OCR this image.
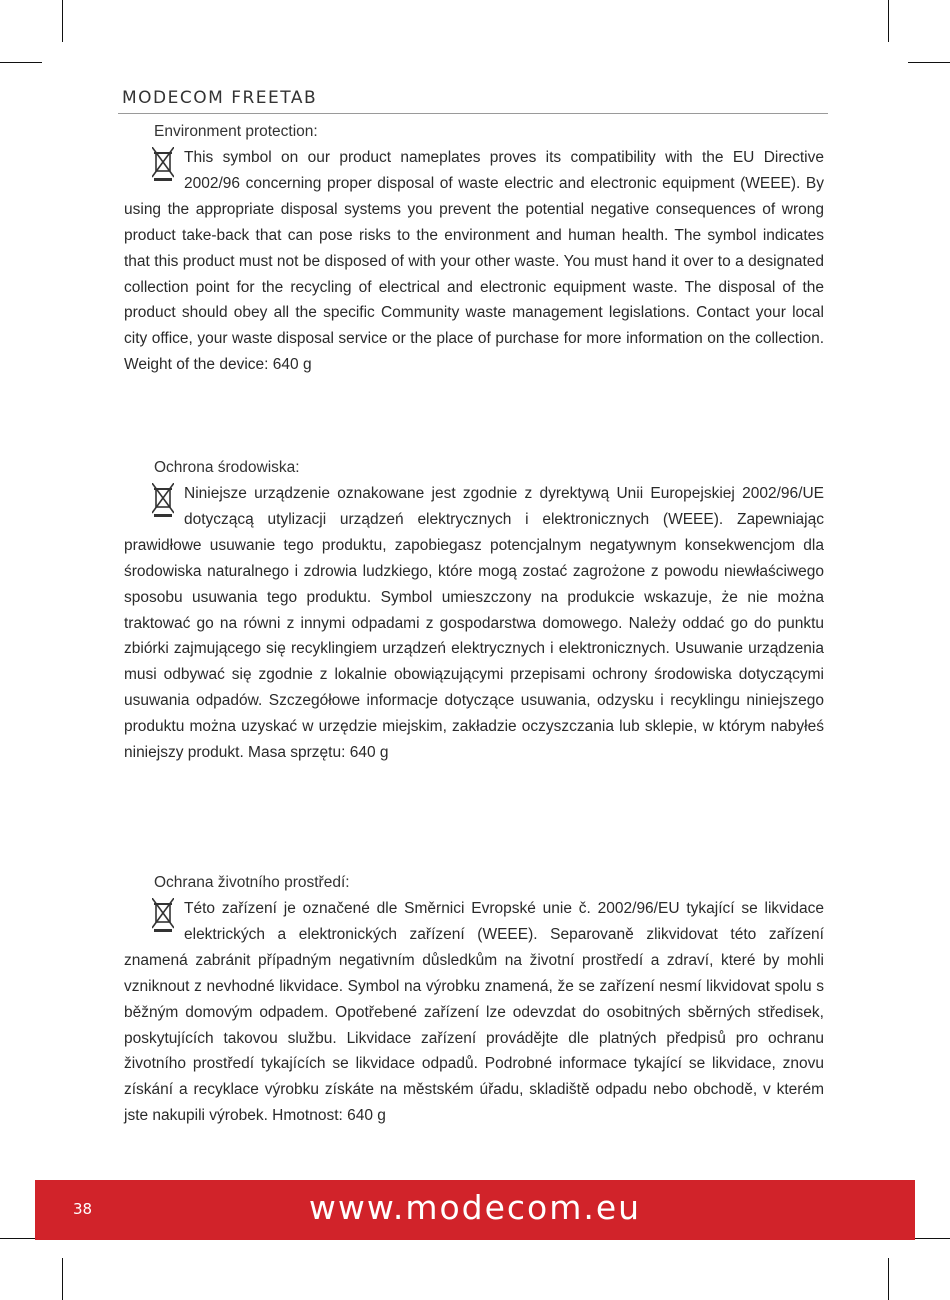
MODECOM FREETAB
Environment protection:
This symbol on our product nameplates proves its compatibility with the EU Directive 2002/96 concerning proper disposal of waste electric and electronic equipment (WEEE). By using the appropriate disposal systems you prevent the potential negative consequences of wrong product take-back that can pose risks to the environment and human health. The symbol indicates that this product must not be disposed of with your other waste. You must hand it over to a designated collection point for the recycling of electrical and electronic equipment waste. The disposal of the product should obey all the specific Community waste management legislations. Contact your local city office, your waste disposal service or the place of purchase for more information on the collection. Weight of the device: 640 g
Ochrona środowiska:
Niniejsze urządzenie oznakowane jest zgodnie z dyrektywą Unii Europejskiej 2002/96/UE dotyczącą utylizacji urządzeń elektrycznych i elektronicznych (WEEE). Zapewniając prawidłowe usuwanie tego produktu, zapobiegasz potencjalnym negatywnym konsekwencjom dla środowiska naturalnego i zdrowia ludzkiego, które mogą zostać zagrożone z powodu niewłaściwego sposobu usuwania tego produktu. Symbol umieszczony na produkcie wskazuje, że nie można traktować go na równi z innymi odpadami z gospodarstwa domowego. Należy oddać go do punktu zbiórki zajmującego się recyklingiem urządzeń elektrycznych i elektronicznych. Usuwanie urządzenia musi odbywać się zgodnie z lokalnie obowiązującymi przepisami ochrony środowiska dotyczącymi usuwania odpadów. Szczegółowe informacje dotyczące usuwania, odzysku i recyklingu niniejszego produktu można uzyskać w urzędzie miejskim, zakładzie oczyszczania lub sklepie, w którym nabyłeś niniejszy produkt. Masa sprzętu: 640 g
Ochrana životního prostředí:
Této zařízení je označené dle Směrnici Evropské unie č. 2002/96/EU tykající se likvidace elektrických a elektronických zařízení (WEEE). Separovaně zlikvidovat této zařízení znamená zabránit případným negativním důsledkům na životní prostředí a zdraví, které by mohli vzniknout z nevhodné likvidace. Symbol na výrobku znamená, že se zařízení nesmí likvidovat spolu s běžným domovým odpadem. Opotřebené zařízení lze odevzdat do osobitných sběrných středisek, poskytujících takovou službu. Likvidace zařízení provádějte dle platných předpisů pro ochranu životního prostředí tykajících se likvidace odpadů. Podrobné informace tykající se likvidace, znovu získání a recyklace výrobku získáte na městském úřadu, skladiště odpadu nebo obchodě, v kterém jste nakupili výrobek. Hmotnost: 640 g
38	www.modecom.eu
